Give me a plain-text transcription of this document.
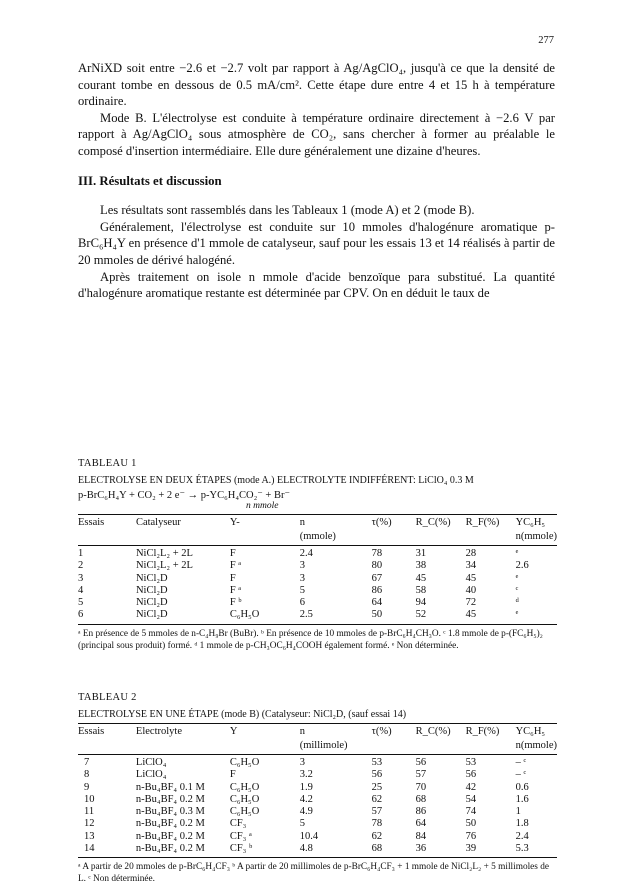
277

ArNiXD soit entre −2.6 et −2.7 volt par rapport à Ag/AgClO₄, jusqu'à ce que la densité de courant tombe en dessous de 0.5 mA/cm². Cette étape dure entre 4 et 15 h à température ordinaire.

Mode B. L'électrolyse est conduite à température ordinaire directement à −2.6 V par rapport à Ag/AgClO₄ sous atmosphère de CO₂, sans chercher à former au préalable le composé d'insertion intermédiaire. Elle dure généralement une dizaine d'heures.

III. Résultats et discussion

Les résultats sont rassemblés dans les Tableaux 1 (mode A) et 2 (mode B).

Généralement, l'électrolyse est conduite sur 10 mmoles d'halogénure aromatique p-BrC₆H₄Y en présence d'1 mmole de catalyseur, sauf pour les essais 13 et 14 réalisés à partir de 20 mmoles de dérivé halogéné.

Après traitement on isole n mmole d'acide benzoïque para substitué. La quantité d'halogénure aromatique restante est déterminée par CPV. On en déduit le taux de

TABLEAU 1

ELECTROLYSE EN DEUX ÉTAPES (mode A.) ELECTROLYTE INDIFFÉRENT: LiClO₄ 0.3 M

p-BrC₆H₄Y + CO₂ + 2 e⁻ → p-YC₆H₄CO₂⁻ + Br⁻

n mmole

Essais	Catalyseur	Y-	n	τ(%)	R_C(%)	R_F(%)	YC₆H₅
			(mmole)				n(mmole)
1	NiCl₂L₂ + 2L	F	2.4	78	31	28	ᵉ
2	NiCl₂L₂ + 2L	F ᵃ	3	80	38	34	2.6
3	NiCl₂D	F	3	67	45	45	ᵉ
4	NiCl₂D	F ᵃ	5	86	58	40	ᶜ
5	NiCl₂D	F ᵇ	6	64	94	72	ᵈ
6	NiCl₂D	C₆H₅O	2.5	50	52	45	ᵉ
ᵃ En présence de 5 mmoles de n-C₄H₉Br (BuBr). ᵇ En présence de 10 mmoles de p-BrC₆H₄CH₃O. ᶜ 1.8 mmole de p-(FC₆H₅)₂ (principal sous produit) formé. ᵈ 1 mmole de p-CH₃OC₆H₄COOH également formé. ᵉ Non déterminée.

TABLEAU 2

ELECTROLYSE EN UNE ÉTAPE (mode B) (Catalyseur: NiCl₂D, (sauf essai 14)

Essais	Electrolyte	Y	n	τ(%)	R_C(%)	R_F(%)	YC₆H₅
			(millimole)				n(mmole)
7	LiClO₄	C₆H₅O	3	53	56	53	– ᶜ
8	LiClO₄	F	3.2	56	57	56	– ᶜ
9	n-Bu₄BF₄ 0.1 M	C₆H₅O	1.9	25	70	42	0.6
10	n-Bu₄BF₄ 0.2 M	C₆H₅O	4.2	62	68	54	1.6
11	n-Bu₄BF₄ 0.3 M	C₆H₅O	4.9	57	86	74	1
12	n-Bu₄BF₄ 0.2 M	CF₃	5	78	64	50	1.8
13	n-Bu₄BF₄ 0.2 M	CF₃ ᵃ	10.4	62	84	76	2.4
14	n-Bu₄BF₄ 0.2 M	CF₃ ᵇ	4.8	68	36	39	5.3
ᵃ A partir de 20 mmoles de p-BrC₆H₄CF₃ ᵇ A partir de 20 millimoles de p-BrC₆H₄CF₃ + 1 mmole de NiCl₂L₂ + 5 millimoles de L. ᶜ Non déterminée.
